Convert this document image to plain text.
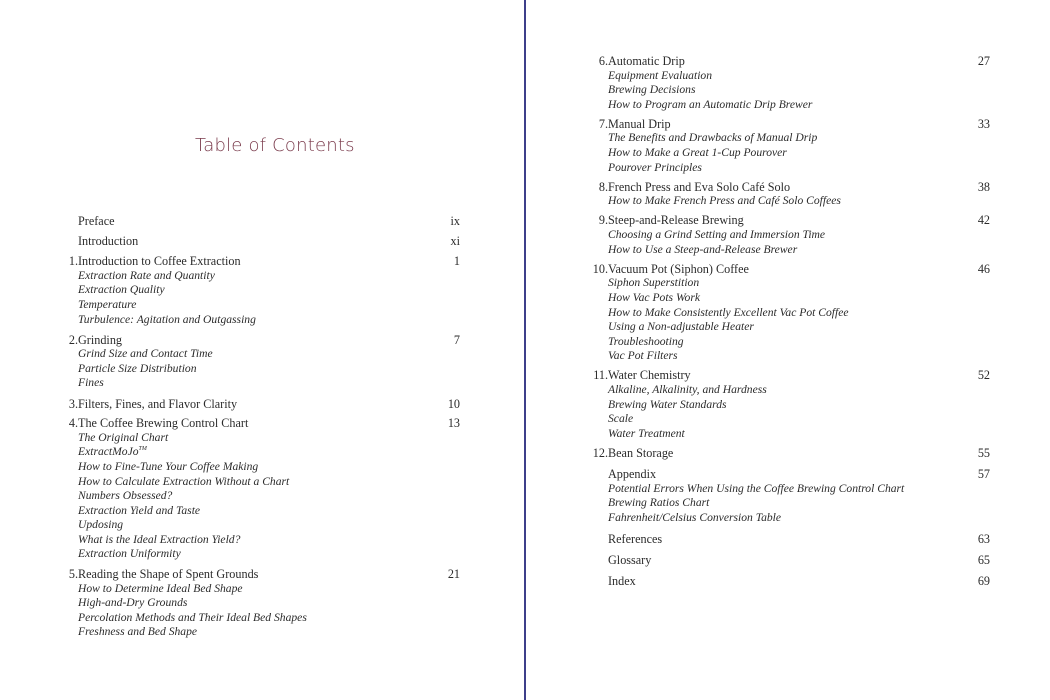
Table of Contents
Preface	ix
Introduction	xi
1. Introduction to Coffee Extraction	1
Extraction Rate and Quantity
Extraction Quality
Temperature
Turbulence: Agitation and Outgassing
2. Grinding	7
Grind Size and Contact Time
Particle Size Distribution
Fines
3. Filters, Fines, and Flavor Clarity	10
4. The Coffee Brewing Control Chart	13
The Original Chart
ExtractMoJo™
How to Fine-Tune Your Coffee Making
How to Calculate Extraction Without a Chart
Numbers Obsessed?
Extraction Yield and Taste
Updosing
What is the Ideal Extraction Yield?
Extraction Uniformity
5. Reading the Shape of Spent Grounds	21
How to Determine Ideal Bed Shape
High-and-Dry Grounds
Percolation Methods and Their Ideal Bed Shapes
Freshness and Bed Shape
6. Automatic Drip	27
Equipment Evaluation
Brewing Decisions
How to Program an Automatic Drip Brewer
7. Manual Drip	33
The Benefits and Drawbacks of Manual Drip
How to Make a Great 1-Cup Pourover
Pourover Principles
8. French Press and Eva Solo Café Solo	38
How to Make French Press and Café Solo Coffees
9. Steep-and-Release Brewing	42
Choosing a Grind Setting and Immersion Time
How to Use a Steep-and-Release Brewer
10. Vacuum Pot (Siphon) Coffee	46
Siphon Superstition
How Vac Pots Work
How to Make Consistently Excellent Vac Pot Coffee
Using a Non-adjustable Heater
Troubleshooting
Vac Pot Filters
11. Water Chemistry	52
Alkaline, Alkalinity, and Hardness
Brewing Water Standards
Scale
Water Treatment
12. Bean Storage	55
Appendix	57
Potential Errors When Using the Coffee Brewing Control Chart
Brewing Ratios Chart
Fahrenheit/Celsius Conversion Table
References	63
Glossary	65
Index	69
